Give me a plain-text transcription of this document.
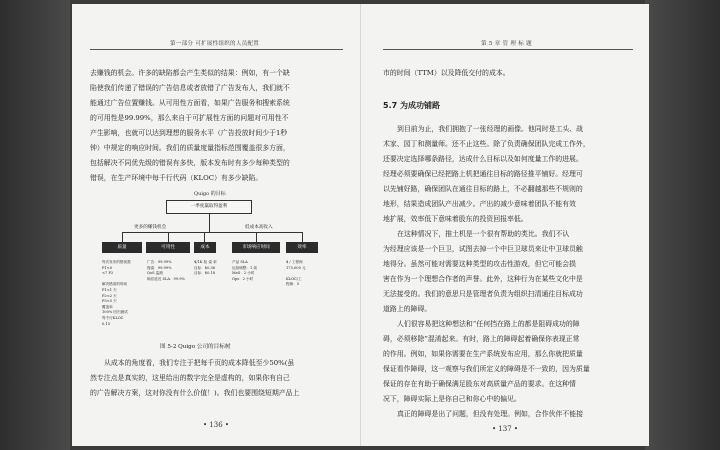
第一部分 可扩展性组织的人员配置
去赚钱的机会。许多的缺陷都会产生类似的结果：例如，有一个缺
陷使我们传递了错误的广告信息或者放错了广告发布人，我们就不
能通过广告位置赚钱。从可用性方面看，如果广告服务和搜索系统
的可用性是99.99%，那么来自于可扩展性方面的问题对可用性不
产生影响，也就可以达到理想的服务水平（广告投放时间少于1秒
钟）中规定的响应时间。我们的质量度量指标范围覆盖很多方面，
包括解决不同优先级的错误有多快，版本发布时有多少每种类型的
错误，在生产环境中每千行代码（KLOC）有多少缺陷。
Quigo 的目标
一季度赢取得盈利
更多的赚钱机会	低成本高收入
质量	可用性	成本	市场响应时间	效率
每次发布的错误数
P1<0
<7 P2

解决错误的时间
P1<1 天
P2<2 天
P3<5 天
覆盖率
100% 回归测试
每千行KLOC
0.15
广告：99.99%
搜索：99.99%
QoS 监测
响应延迟 SLA：99.9%
$/1K 检 索 率
目标：$0.36
目标：$0.18
产品 SLA
运营调整：1 周
MeS：2 小时
Ops：2 小时
$ / 工程师
175,000 元

KLOC/工
程师：5
图 5-2 Quigo 公司的目标树
从成本的角度看，我们专注于把每千页的成本降低至少50%(虽
然专注点是真实的，这里给出的数字完全是虚构的，如果你有自己
的广告解决方案，这对你没有什么价值！)。我们也要围绕短期产品上
• 136 •
第 5 章 管 理 标 题
市的时间（TTM）以及降低交付的成本。
5.7 为成功铺路
到目前为止，我们拥抱了一张经理的画像。他同时是工头、战
术家、园丁和测量师。还不止这些。除了负责确保团队完成工作外，
还要决定选择哪条路径，达成什么目标以及如何度量工作的进展。
经理必须要确保已经把路上机把通往目标的路径推平铺好。经理可
以先铺好路，确保团队在通往目标的路上，不必翻越那些不规则的
地形，结果造成团队产出减少。产出的减少意味着团队不能有效
地扩展，效率低下意味着股东的投资回报率低。
在这种情况下，推土机是一个很有帮助的类比。我们不认
为经理应该是一个巨卫，试图去掉一个中巨卫球员来让中卫球员触
地得分。虽然可能对需要这种类型的攻击性游戏，但它可能会损
害在作为一个理想合作者的声誉。此外，这种行为在某些文化中是
无法接受的。我们的意思只是管理者负责为组织扫清通往目标成功
道路上的障碍。
人们很容易把这种想法和“任何挡在路上的都是阻碍成功的障
碍，必须移除”混淆起来。有时，路上的障碍起着确保你表现正常
的作用。例如，如果你需要在生产系统发布应用，那么你就把质量
保证看作障碍，这一观察与我们所定义的障碍是不一致的，因为质量
保证的存在有助于确保满足股东对高质量产品的要求。在这种情
况下，障碍实际上是你自己和你心中的偏见。
真正的障碍是出了问题，但没有处理。例如，合作伙伴不能接
• 137 •
